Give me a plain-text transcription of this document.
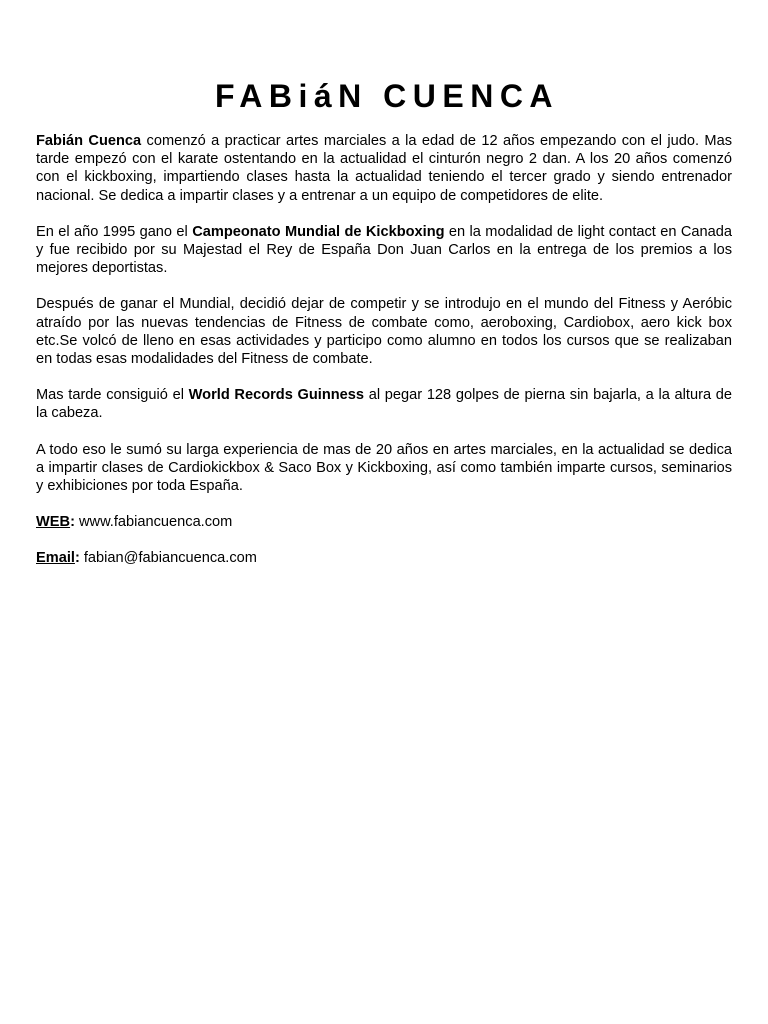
FABiáN CUENCA

Fabián Cuenca comenzó a practicar artes marciales a la edad de 12 años empezando con el judo. Mas tarde empezó con el karate ostentando en la actualidad el cinturón negro 2 dan. A los 20 años comenzó con el kickboxing, impartiendo clases hasta la actualidad teniendo el tercer grado y siendo entrenador nacional. Se dedica a impartir clases y a entrenar a un equipo de competidores de elite.

En el año 1995 gano el Campeonato Mundial de Kickboxing en la modalidad de light contact en Canada y fue recibido por su Majestad el Rey de España Don Juan Carlos en la entrega de los premios a los mejores deportistas.

Después de ganar el Mundial, decidió dejar de competir y se introdujo en el mundo del Fitness y Aeróbic atraído por las nuevas tendencias de Fitness de combate como, aeroboxing, Cardiobox, aero kick box etc.Se volcó de lleno en esas actividades y participo como alumno en todos los cursos que se realizaban en todas esas modalidades del Fitness de combate.

Mas tarde consiguió el World Records Guinness al pegar 128 golpes de pierna sin bajarla, a la altura de la cabeza.

A todo eso le sumó su larga experiencia de mas de 20 años en artes marciales, en la actualidad se dedica a impartir clases de Cardiokickbox & Saco Box y Kickboxing, así como también imparte cursos, seminarios y exhibiciones por toda España.

WEB: www.fabiancuenca.com

Email: fabian@fabiancuenca.com
